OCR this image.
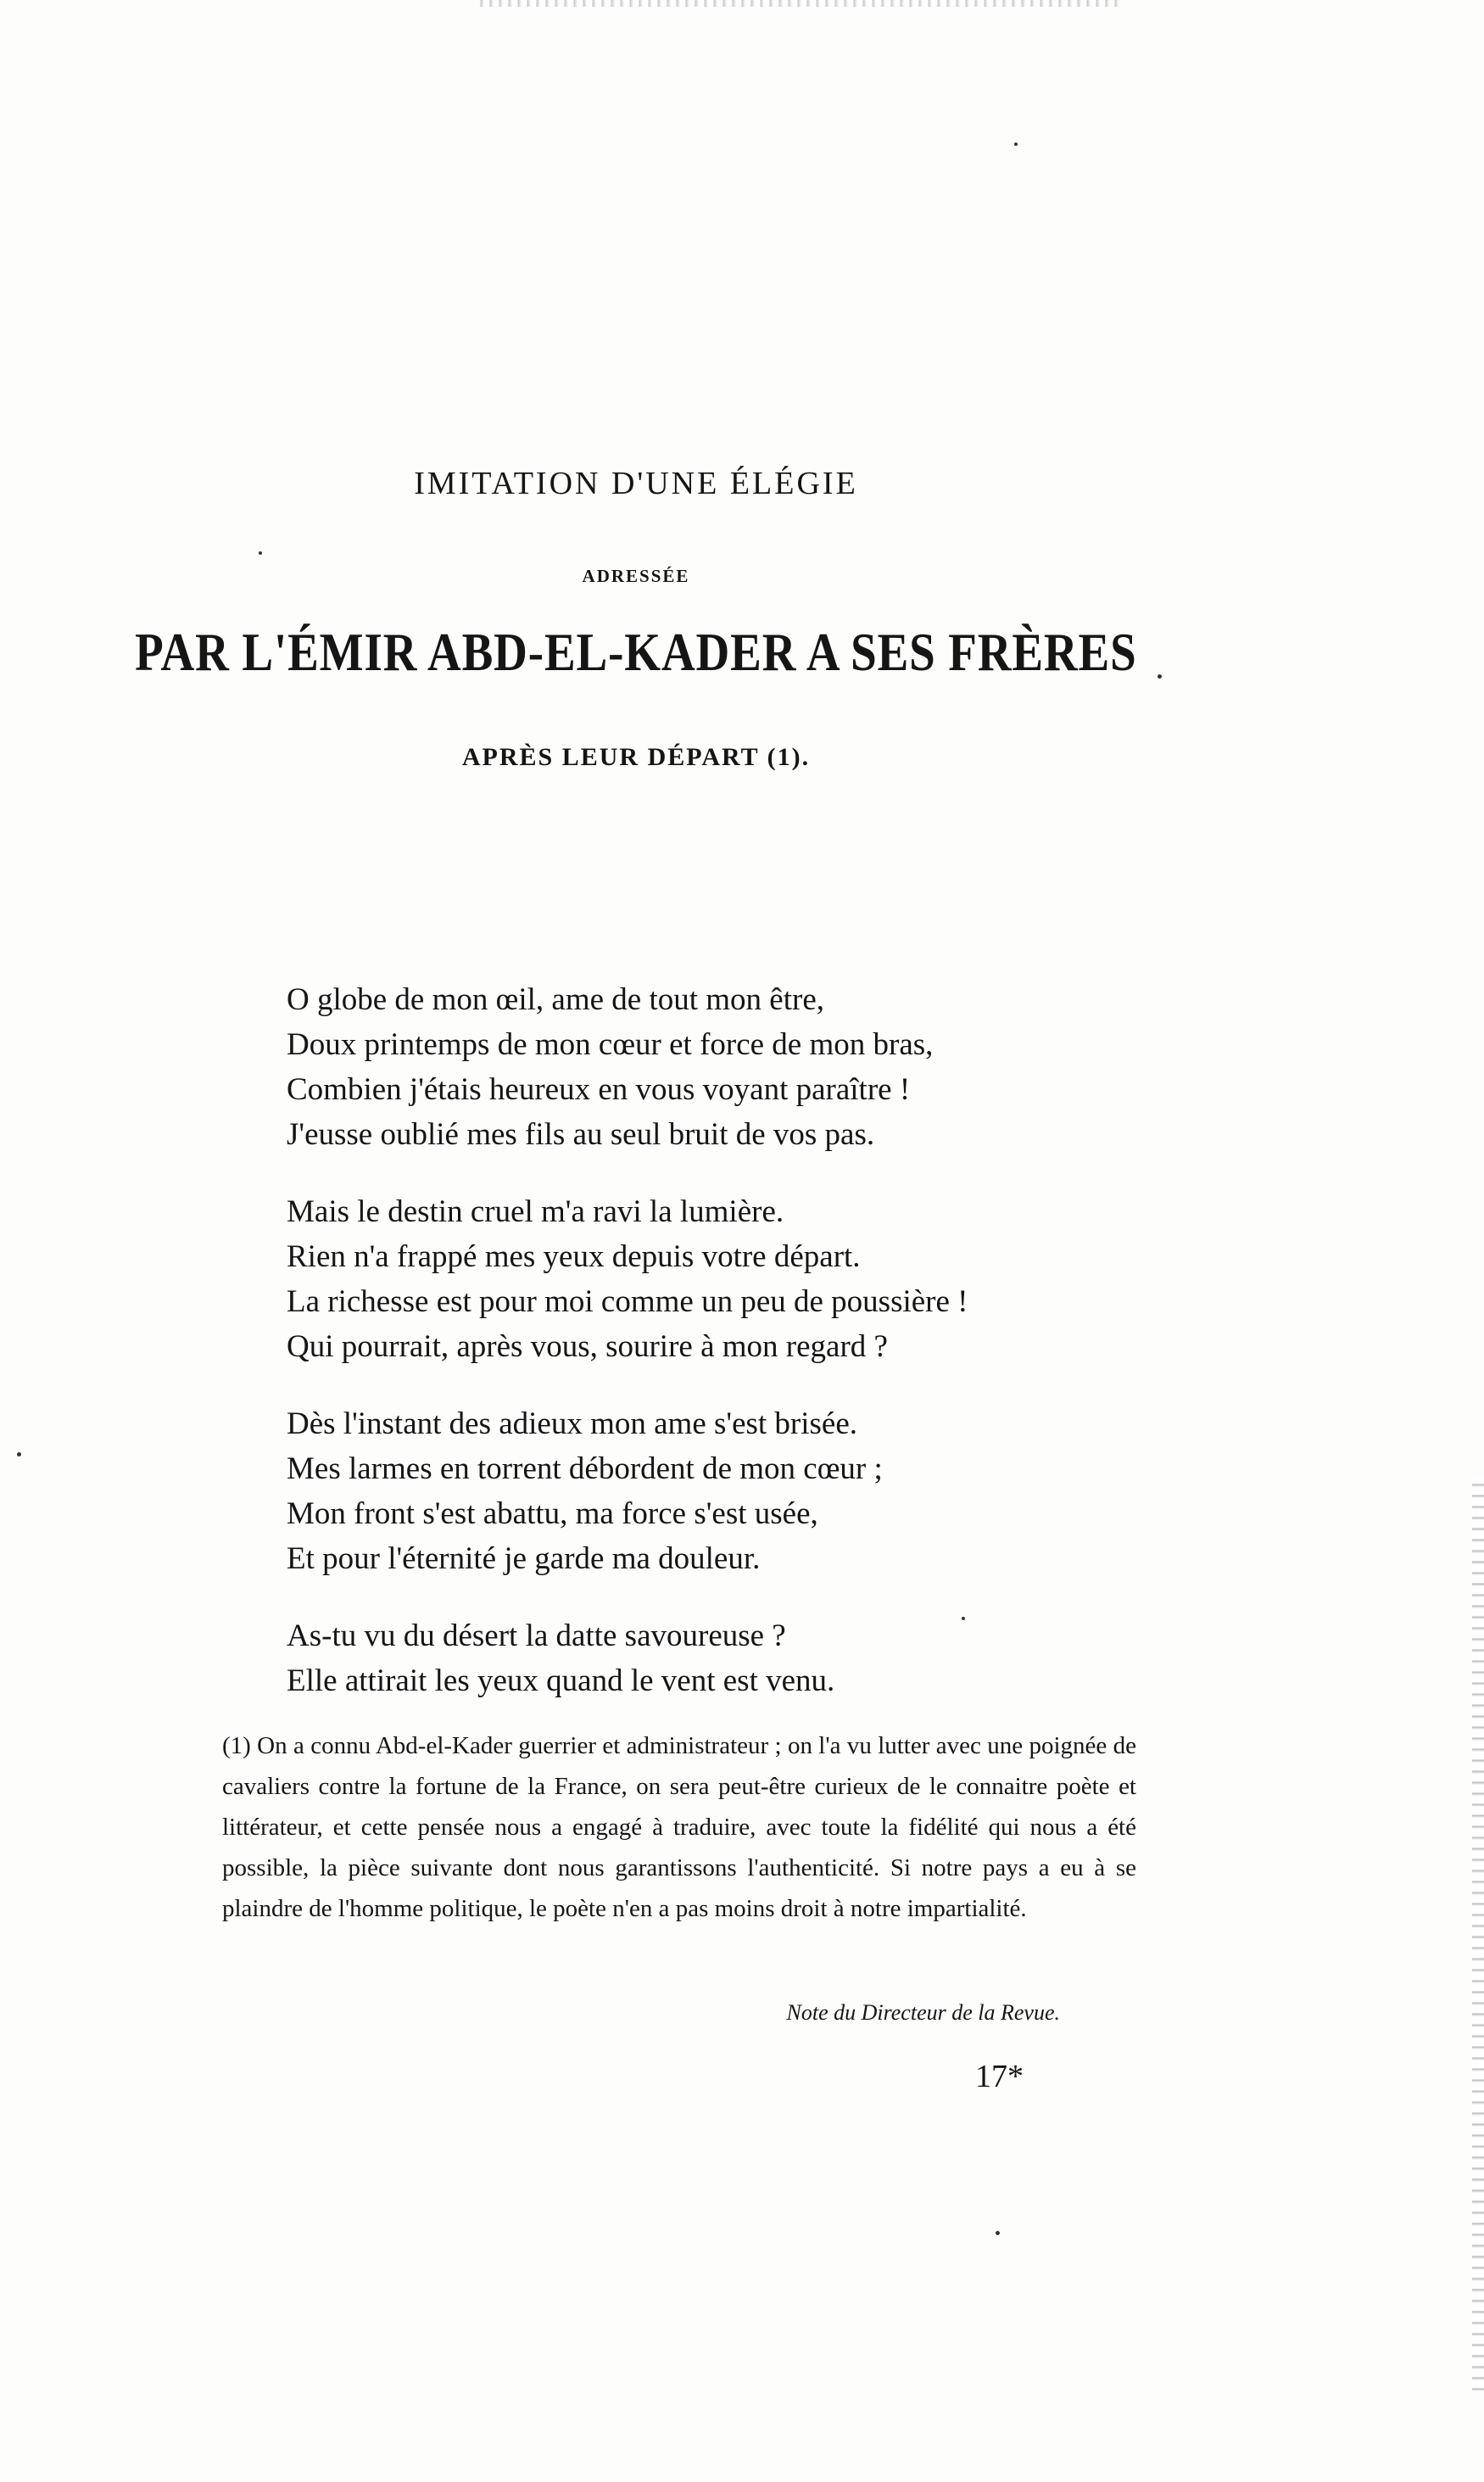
IMITATION D'UNE ÉLÉGIE
ADRESSÉE
PAR L'ÉMIR ABD-EL-KADER A SES FRÈRES
APRÈS LEUR DÉPART (1).
O globe de mon œil, ame de tout mon être,
Doux printemps de mon cœur et force de mon bras,
Combien j'étais heureux en vous voyant paraître !
J'eusse oublié mes fils au seul bruit de vos pas.
Mais le destin cruel m'a ravi la lumière.
Rien n'a frappé mes yeux depuis votre départ.
La richesse est pour moi comme un peu de poussière !
Qui pourrait, après vous, sourire à mon regard ?
Dès l'instant des adieux mon ame s'est brisée.
Mes larmes en torrent débordent de mon cœur ;
Mon front s'est abattu, ma force s'est usée,
Et pour l'éternité je garde ma douleur.
As-tu vu du désert la datte savoureuse ?
Elle attirait les yeux quand le vent est venu.
(1) On a connu Abd-el-Kader guerrier et administrateur ; on l'a vu lutter avec une poignée de cavaliers contre la fortune de la France, on sera peut-être curieux de le connaitre poète et littérateur, et cette pensée nous a engagé à traduire, avec toute la fidélité qui nous a été possible, la pièce suivante dont nous garantissons l'authenticité. Si notre pays a eu à se plaindre de l'homme politique, le poète n'en a pas moins droit à notre impartialité.
Note du Directeur de la Revue.
17*
